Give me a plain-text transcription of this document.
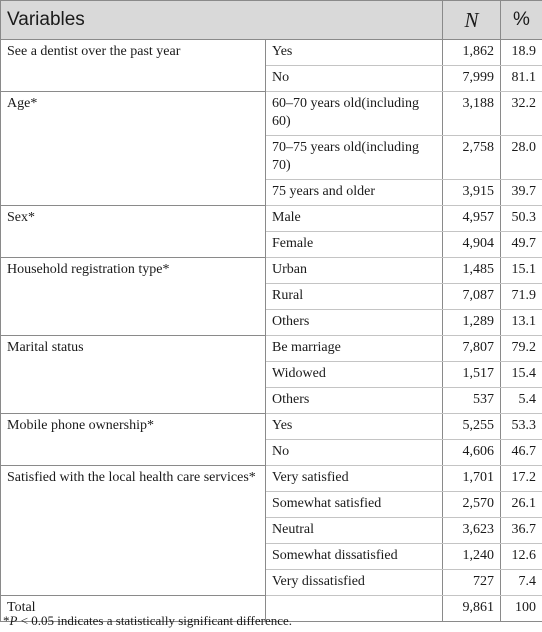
Variables		N	%
See a dentist over the past year	Yes	1,862	18.9
	No	7,999	81.1
Age*	60–70 years old(including 60)	3,188	32.2
	70–75 years old(including 70)	2,758	28.0
	75 years and older	3,915	39.7
Sex*	Male	4,957	50.3
	Female	4,904	49.7
Household registration type*	Urban	1,485	15.1
	Rural	7,087	71.9
	Others	1,289	13.1
Marital status	Be marriage	7,807	79.2
	Widowed	1,517	15.4
	Others	537	5.4
Mobile phone ownership*	Yes	5,255	53.3
	No	4,606	46.7
Satisfied with the local health care services*	Very satisfied	1,701	17.2
	Somewhat satisfied	2,570	26.1
	Neutral	3,623	36.7
	Somewhat dissatisfied	1,240	12.6
	Very dissatisfied	727	7.4
Total		9,861	100
*P < 0.05 indicates a statistically significant difference.
